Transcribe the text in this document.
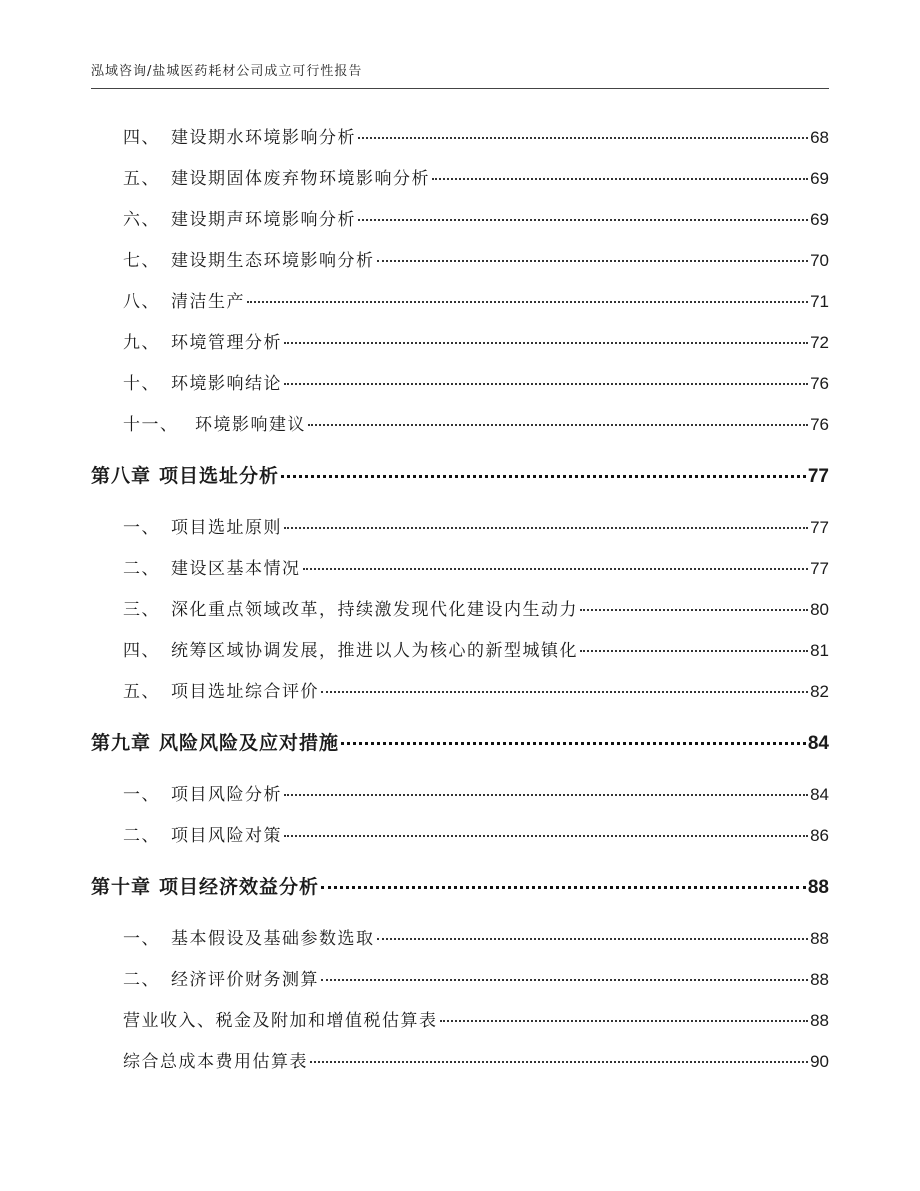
泓域咨询/盐城医药耗材公司成立可行性报告
四、 建设期水环境影响分析	68
五、 建设期固体废弃物环境影响分析	69
六、 建设期声环境影响分析	69
七、 建设期生态环境影响分析	70
八、 清洁生产	71
九、 环境管理分析	72
十、 环境影响结论	76
十一、 环境影响建议	76
第八章 项目选址分析	77
一、 项目选址原则	77
二、 建设区基本情况	77
三、 深化重点领域改革，持续激发现代化建设内生动力	80
四、 统筹区域协调发展，推进以人为核心的新型城镇化	81
五、 项目选址综合评价	82
第九章 风险风险及应对措施	84
一、 项目风险分析	84
二、 项目风险对策	86
第十章 项目经济效益分析	88
一、 基本假设及基础参数选取	88
二、 经济评价财务测算	88
营业收入、税金及附加和增值税估算表	88
综合总成本费用估算表	90
